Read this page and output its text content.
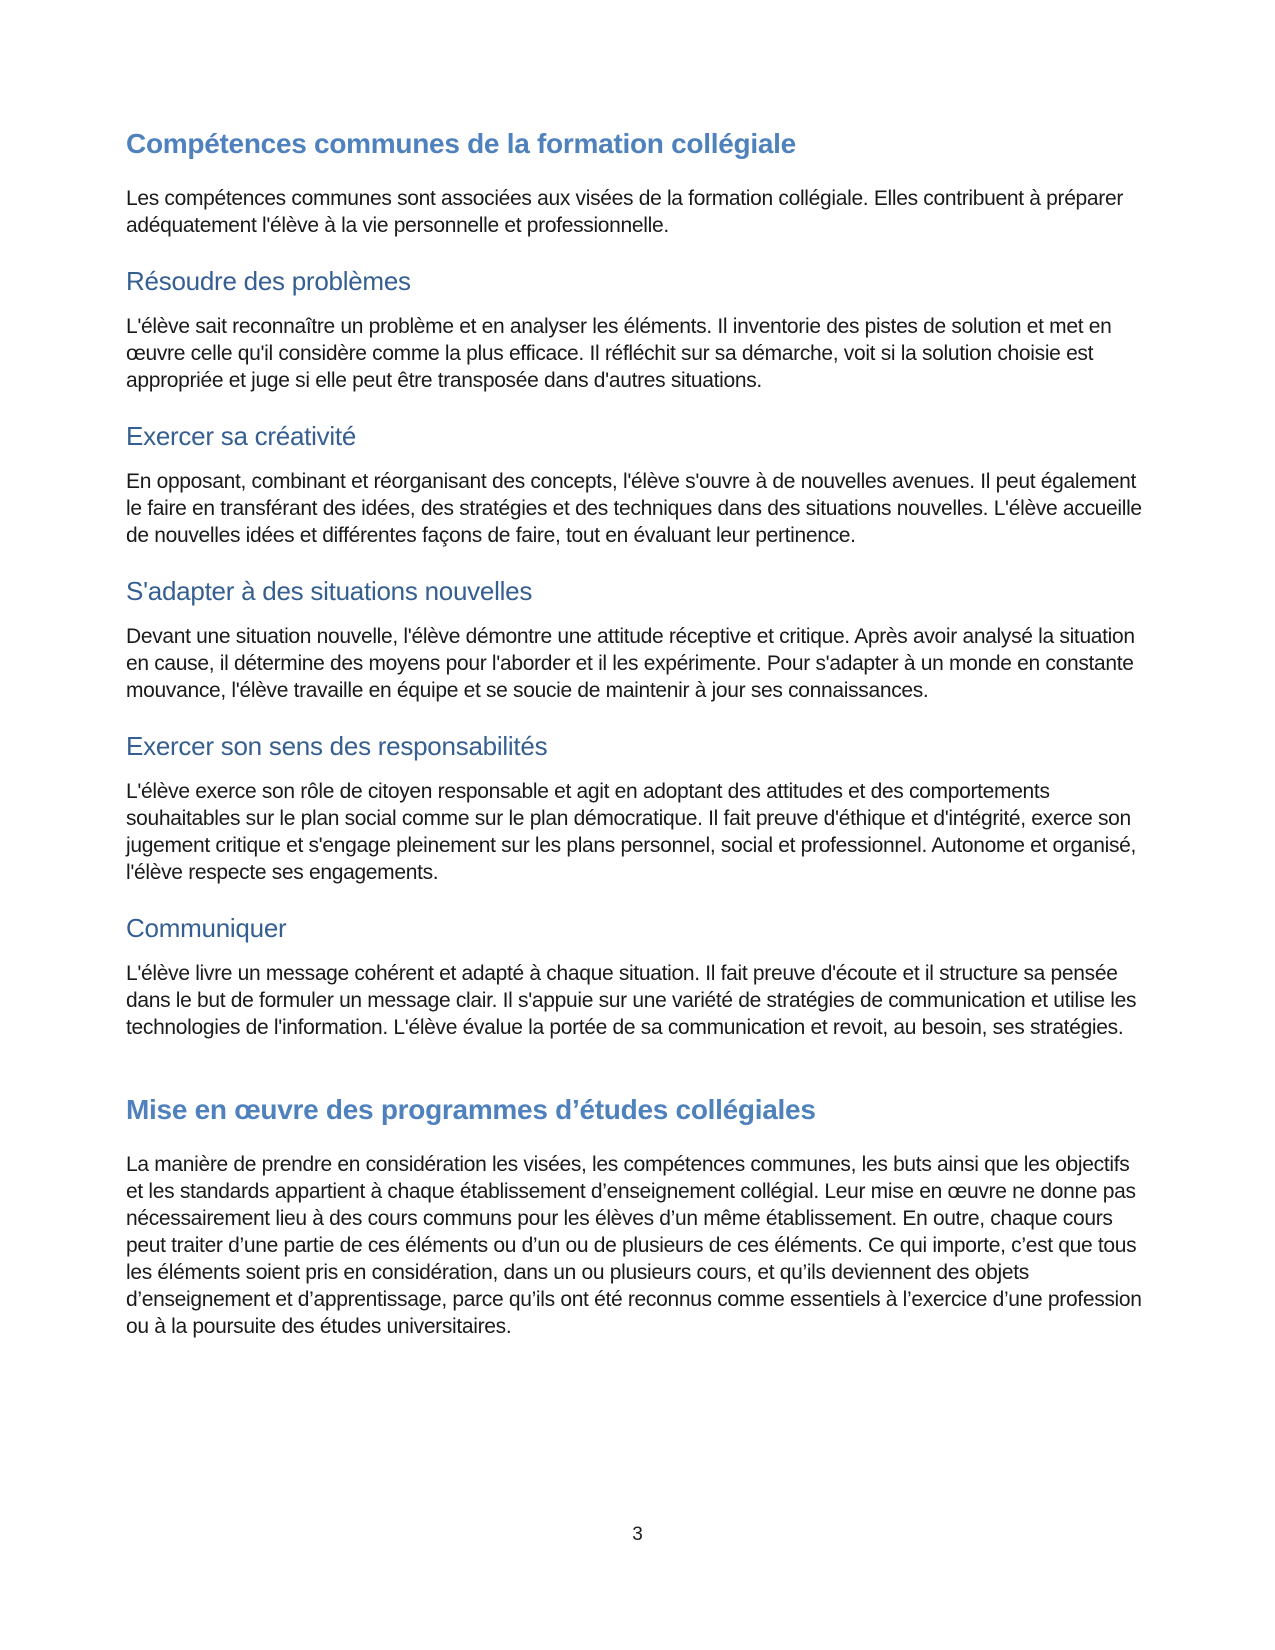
Compétences communes de la formation collégiale

Les compétences communes sont associées aux visées de la formation collégiale. Elles contribuent à préparer adéquatement l'élève à la vie personnelle et professionnelle.

Résoudre des problèmes

L'élève sait reconnaître un problème et en analyser les éléments. Il inventorie des pistes de solution et met en œuvre celle qu'il considère comme la plus efficace. Il réfléchit sur sa démarche, voit si la solution choisie est appropriée et juge si elle peut être transposée dans d'autres situations.

Exercer sa créativité

En opposant, combinant et réorganisant des concepts, l'élève s'ouvre à de nouvelles avenues. Il peut également le faire en transférant des idées, des stratégies et des techniques dans des situations nouvelles. L'élève accueille de nouvelles idées et différentes façons de faire, tout en évaluant leur pertinence.

S'adapter à des situations nouvelles

Devant une situation nouvelle, l'élève démontre une attitude réceptive et critique. Après avoir analysé la situation en cause, il détermine des moyens pour l'aborder et il les expérimente. Pour s'adapter à un monde en constante mouvance, l'élève travaille en équipe et se soucie de maintenir à jour ses connaissances.

Exercer son sens des responsabilités

L'élève exerce son rôle de citoyen responsable et agit en adoptant des attitudes et des comportements souhaitables sur le plan social comme sur le plan démocratique. Il fait preuve d'éthique et d'intégrité, exerce son jugement critique et s'engage pleinement sur les plans personnel, social et professionnel. Autonome et organisé, l'élève respecte ses engagements.

Communiquer

L'élève livre un message cohérent et adapté à chaque situation. Il fait preuve d'écoute et il structure sa pensée dans le but de formuler un message clair. Il s'appuie sur une variété de stratégies de communication et utilise les technologies de l'information. L'élève évalue la portée de sa communication et revoit, au besoin, ses stratégies.

Mise en œuvre des programmes d’études collégiales

La manière de prendre en considération les visées, les compétences communes, les buts ainsi que les objectifs et les standards appartient à chaque établissement d’enseignement collégial. Leur mise en œuvre ne donne pas nécessairement lieu à des cours communs pour les élèves d’un même établissement. En outre, chaque cours peut traiter d’une partie de ces éléments ou d’un ou de plusieurs de ces éléments. Ce qui importe, c’est que tous les éléments soient pris en considération, dans un ou plusieurs cours, et qu’ils deviennent des objets d’enseignement et d’apprentissage, parce qu’ils ont été reconnus comme essentiels à l’exercice d’une profession ou à la poursuite des études universitaires.

3
